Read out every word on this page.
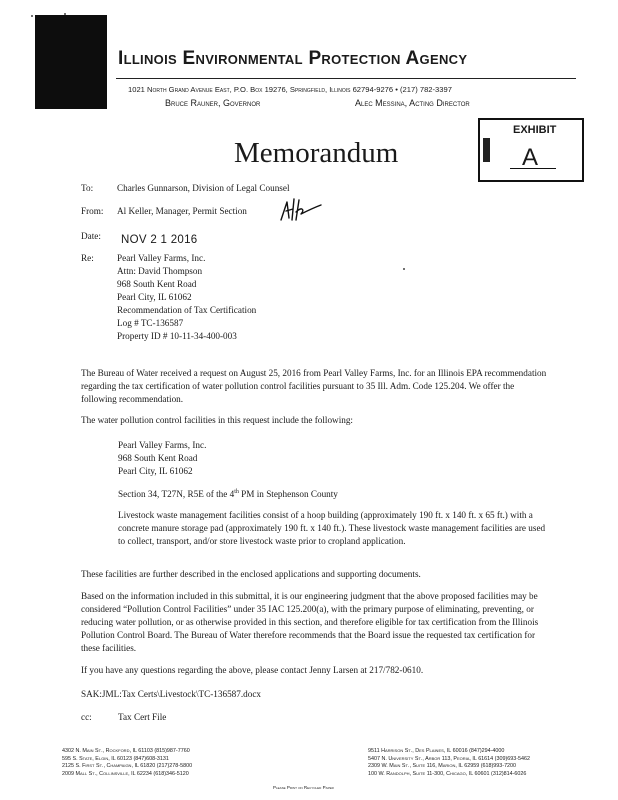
Illinois Environmental Protection Agency
1021 North Grand Avenue East, P.O. Box 19276, Springfield, Illinois 62794-9276 • (217) 782-3397
Bruce Rauner, Governor	Alec Messina, Acting Director
EXHIBIT
A
Memorandum
To:	Charles Gunnarson, Division of Legal Counsel
From: Al Keller, Manager, Permit Section
Date: NOV 2 1 2016
Re:	Pearl Valley Farms, Inc.
Attn: David Thompson
968 South Kent Road
Pearl City, IL 61062
Recommendation of Tax Certification
Log # TC-136587
Property ID # 10-11-34-400-003
The Bureau of Water received a request on August 25, 2016 from Pearl Valley Farms, Inc. for an Illinois EPA recommendation regarding the tax certification of water pollution control facilities pursuant to 35 Ill. Adm. Code 125.204. We offer the following recommendation.
The water pollution control facilities in this request include the following:
Pearl Valley Farms, Inc.
968 South Kent Road
Pearl City, IL 61062
Section 34, T27N, R5E of the 4th PM in Stephenson County
Livestock waste management facilities consist of a hoop building (approximately 190 ft. x 140 ft. x 65 ft.) with a concrete manure storage pad (approximately 190 ft. x 140 ft.). These livestock waste management facilities are used to collect, transport, and/or store livestock waste prior to cropland application.
These facilities are further described in the enclosed applications and supporting documents.
Based on the information included in this submittal, it is our engineering judgment that the above proposed facilities may be considered “Pollution Control Facilities” under 35 IAC 125.200(a), with the primary purpose of eliminating, preventing, or reducing water pollution, or as otherwise provided in this section, and therefore eligible for tax certification from the Illinois Pollution Control Board. The Bureau of Water therefore recommends that the Board issue the requested tax certification for these facilities.
If you have any questions regarding the above, please contact Jenny Larsen at 217/782-0610.
SAK:JML:Tax Certs\Livestock\TC-136587.docx
cc:	Tax Cert File
4302 N. Main St., Rockford, IL 61103 (815)987-7760
595 S. State, Elgin, IL 60123 (847)608-3131
2125 S. First St., Champaign, IL 61820 (217)278-5800
2009 Mall St., Collinsville, IL 62234 (618)346-5120
9511 Harrison St., Des Plaines, IL 60016 (847)294-4000
5407 N. University St., Arbor 113, Peoria, IL 61614 (309)693-5462
2309 W. Main St., Suite 116, Marion, IL 62959 (618)993-7200
100 W. Randolph, Suite 11-300, Chicago, IL 60601 (312)814-6026
Please Print on Recycled Paper
